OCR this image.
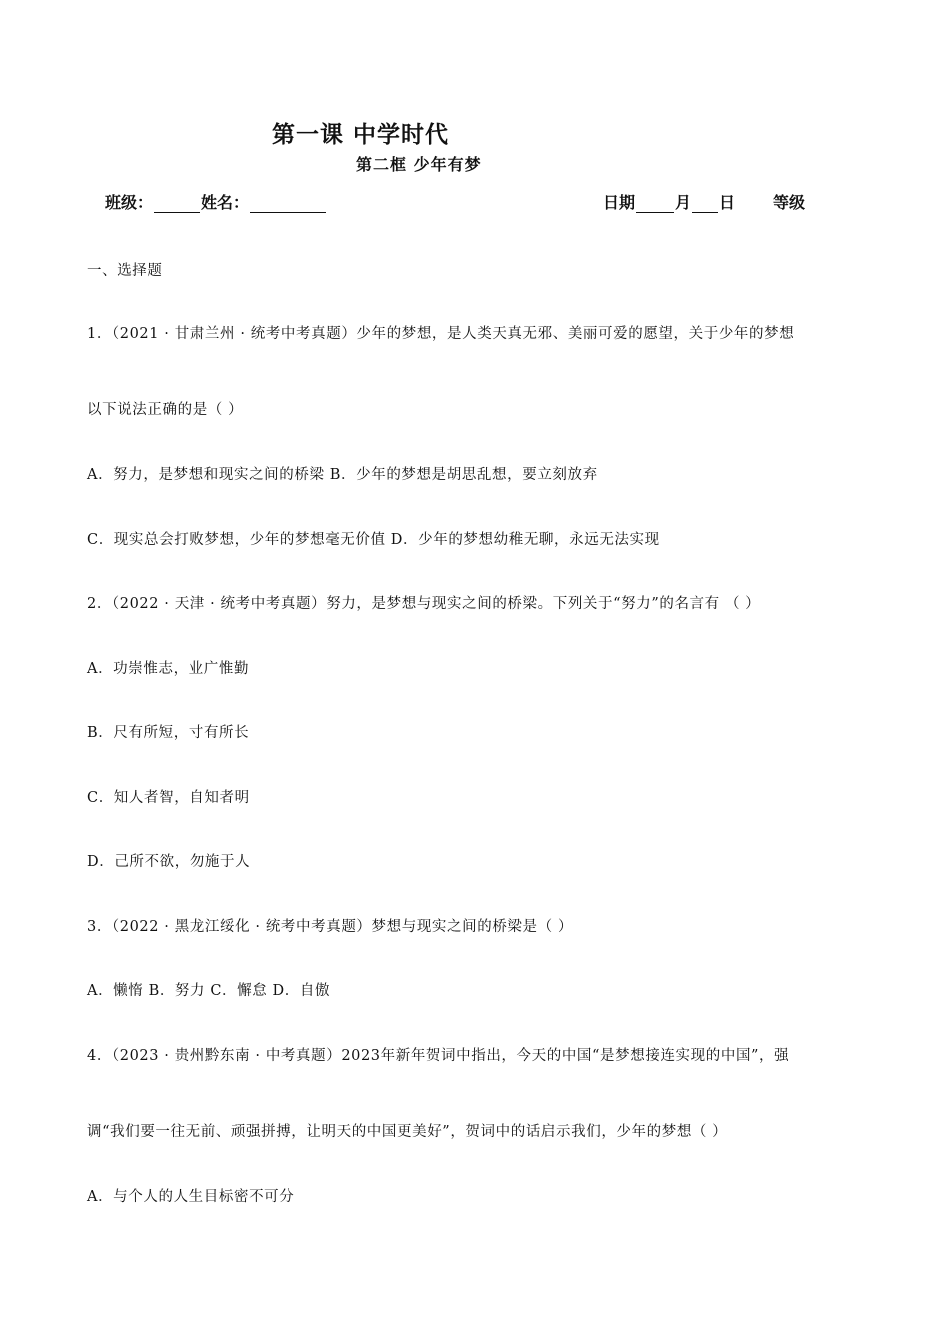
第一课 中学时代
第二框 少年有梦
班级：	姓名：	日期	月 日 等级
一、选择题
1．（2021 · 甘肃兰州 · 统考中考真题）少年的梦想，是人类天真无邪、美丽可爱的愿望，关于少年的梦想
以下说法正确的是（ ）
A．努力，是梦想和现实之间的桥梁 B．少年的梦想是胡思乱想，要立刻放弃
C．现实总会打败梦想，少年的梦想毫无价值 D．少年的梦想幼稚无聊，永远无法实现
2．（2022 · 天津 · 统考中考真题）努力，是梦想与现实之间的桥梁。下列关于“努力”的名言有 （ ）
A．功崇惟志，业广惟勤
B．尺有所短，寸有所长
C．知人者智，自知者明
D．己所不欲，勿施于人
3．（2022 · 黑龙江绥化 · 统考中考真题）梦想与现实之间的桥梁是（ ）
A．懒惰 B．努力 C．懈怠 D．自傲
4．（2023 · 贵州黔东南 · 中考真题）2023年新年贺词中指出，今天的中国“是梦想接连实现的中国”，强
调“我们要一往无前、顽强拼搏，让明天的中国更美好”，贺词中的话启示我们，少年的梦想（ ）
A．与个人的人生目标密不可分
